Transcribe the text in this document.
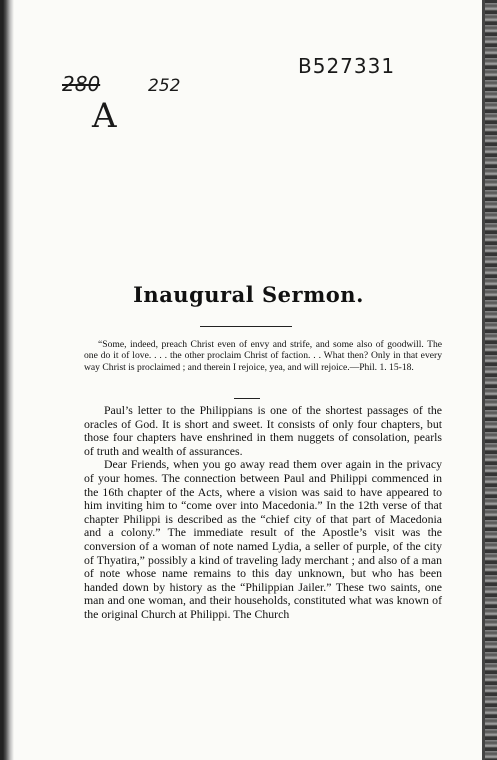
280	252
A
B527331
Inaugural Sermon.

“Some, indeed, preach Christ even of envy and strife, and some also of goodwill. The one do it of love. . . . the other proclaim Christ of faction. . . What then? Only in that every way Christ is proclaimed ; and therein I rejoice, yea, and will rejoice.—Phil. 1. 15-18.

Paul’s letter to the Philippians is one of the shortest passages of the oracles of God. It is short and sweet. It consists of only four chapters, but those four chapters have enshrined in them nuggets of consolation, pearls of truth and wealth of assurances.

Dear Friends, when you go away read them over again in the privacy of your homes. The connection between Paul and Philippi commenced in the 16th chapter of the Acts, where a vision was said to have appeared to him inviting him to “come over into Macedonia.” In the 12th verse of that chapter Philippi is described as the “chief city of that part of Macedonia and a colony.” The immediate result of the Apostle’s visit was the conversion of a woman of note named Lydia, a seller of purple, of the city of Thyatira,” possibly a kind of traveling lady merchant ; and also of a man of note whose name remains to this day unknown, but who has been handed down by history as the “Philippian Jailer.” These two saints, one man and one woman, and their households, constituted what was known of the original Church at Philippi. The Church
